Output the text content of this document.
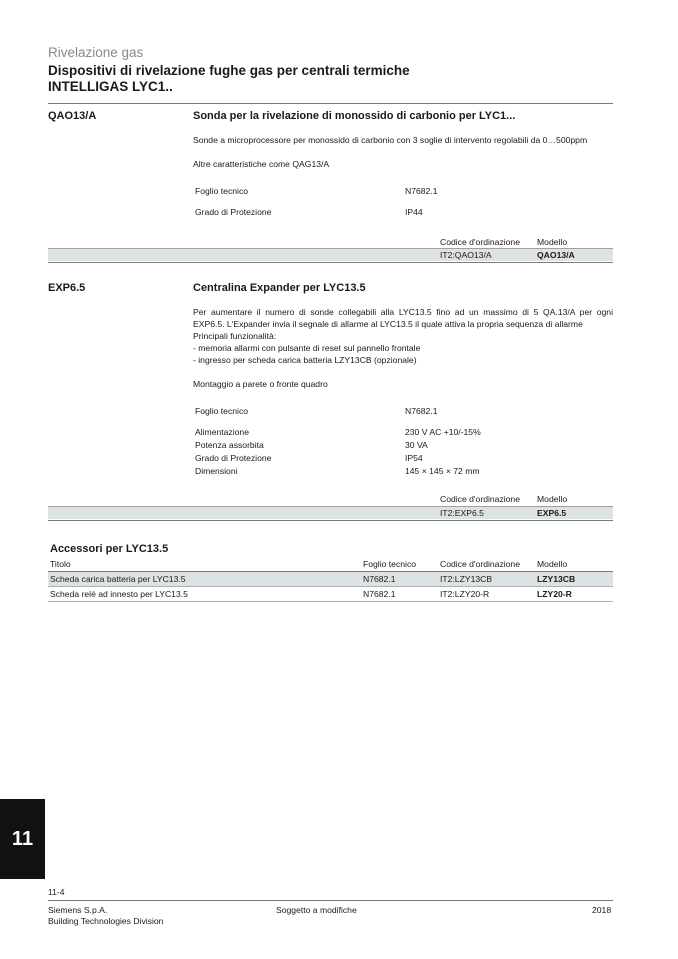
Rivelazione gas
Dispositivi di rivelazione fughe gas per centrali termiche
INTELLIGAS LYC1..
QAO13/A	Sonda per la rivelazione di monossido di carbonio per LYC1...
Sonde a microprocessore per monossido di carbonio con 3 soglie di intervento regolabili da 0…500ppm
Altre caratteristiche come QAG13/A
Foglio tecnico	N7682.1
Grado di Protezione	IP44
Codice d'ordinazione Modello
IT2:QAO13/A	QAO13/A
EXP6.5	Centralina Expander per LYC13.5
Per aumentare il numero di sonde collegabili alla LYC13.5 fino ad un massimo di 5 QA.13/A per ogni
EXP6.5. L'Expander invia il segnale di allarme al LYC13.5 il quale attiva la propria sequenza di allarme
Principali funzionalità:
- memoria allarmi con pulsante di reset sul pannello frontale
- ingresso per scheda carica batteria LZY13CB (opzionale)
Montaggio a parete o fronte quadro
Foglio tecnico	N7682.1
Alimentazione	230 V AC +10/-15%
Potenza assorbita	30 VA
Grado di Protezione	IP54
Dimensioni	145 × 145 × 72 mm
Codice d'ordinazione Modello
IT2:EXP6.5	EXP6.5
Accessori per LYC13.5
Titolo	Foglio tecnico	Codice d'ordinazione Modello
Scheda carica batteria per LYC13.5	N7682.1	IT2:LZY13CB	LZY13CB
Scheda relè ad innesto per LYC13.5	N7682.1	IT2:LZY20-R	LZY20-R
11
11-4
Siemens S.p.A.
Building Technologies Division
Soggetto a modifiche	2018
